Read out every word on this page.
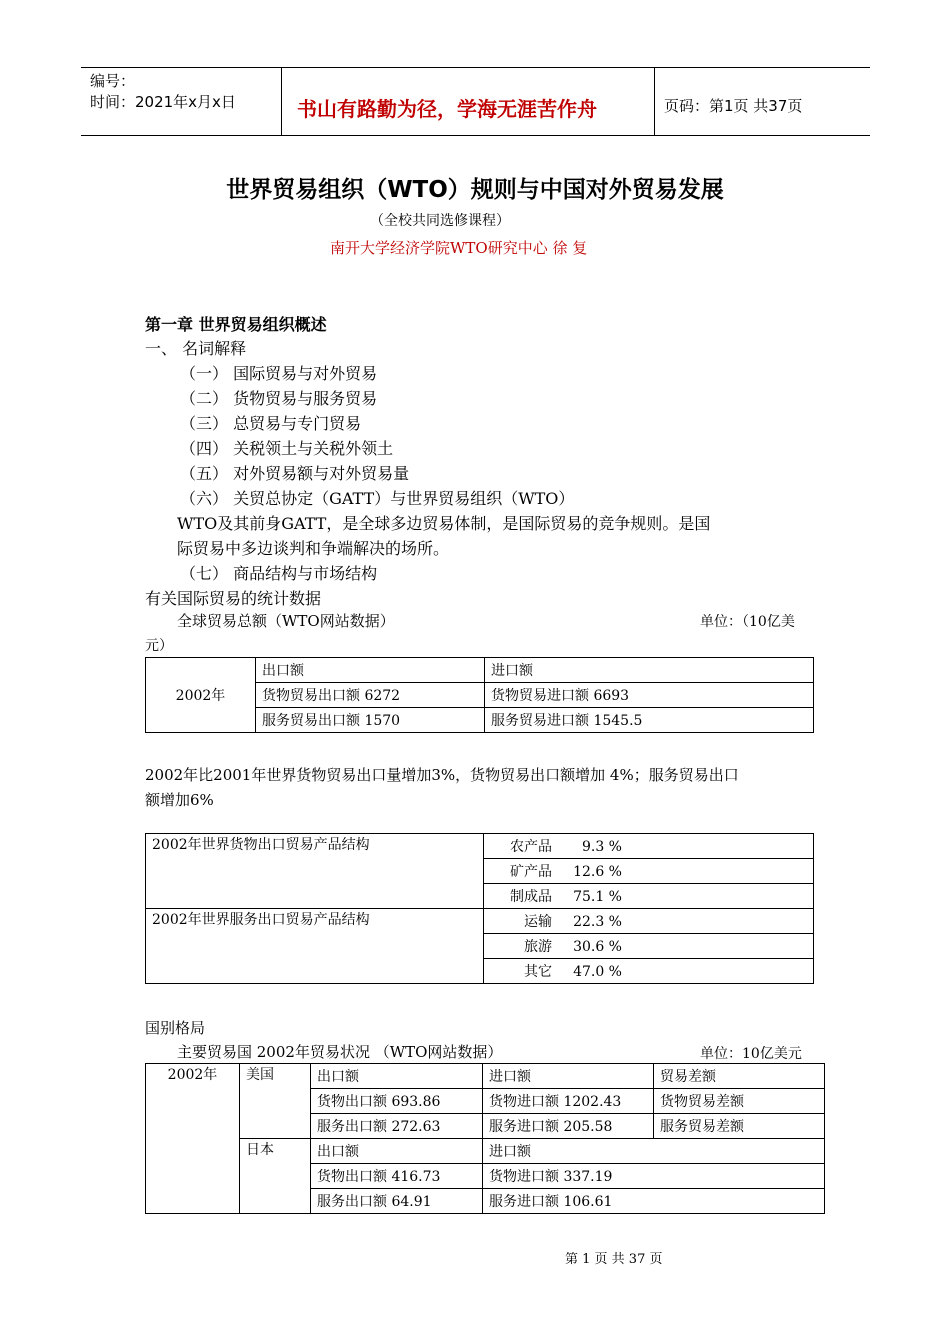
编号：
时间：2021年x月x日	书山有路勤为径，学海无涯苦作舟	页码：第1页 共37页
世界贸易组织（WTO）规则与中国对外贸易发展
（全校共同选修课程）
南开大学经济学院WTO研究中心 徐 复
第一章 世界贸易组织概述
一、 名词解释
（一） 国际贸易与对外贸易
（二） 货物贸易与服务贸易
（三） 总贸易与专门贸易
（四） 关税领土与关税外领土
（五） 对外贸易额与对外贸易量
（六） 关贸总协定（GATT）与世界贸易组织（WTO）
WTO及其前身GATT，是全球多边贸易体制，是国际贸易的竞争规则。是国
际贸易中多边谈判和争端解决的场所。
（七） 商品结构与市场结构
有关国际贸易的统计数据
全球贸易总额（WTO网站数据）	单位：（10亿美
元）
2002年	出口额	进口额
	货物贸易出口额 6272	货物贸易进口额 6693
	服务贸易出口额 1570	服务贸易进口额 1545.5
2002年比2001年世界货物贸易出口量增加3%，货物贸易出口额增加 4%；服务贸易出口
额增加6%
2002年世界货物出口贸易产品结构	农产品 9.3 %
	矿产品 12.6 %
	制成品 75.1 %
2002年世界服务出口贸易产品结构	运输 22.3 %
	旅游 30.6 %
	其它 47.0 %
国别格局
主要贸易国 2002年贸易状况 （WTO网站数据）	单位：10亿美元
2002年	美国	出口额	进口额	贸易差额
		货物出口额 693.86	货物进口额 1202.43	货物贸易差额
		服务出口额 272.63	服务进口额 205.58	服务贸易差额
	日本	出口额	进口额	
		货物出口额 416.73	货物进口额 337.19	
		服务出口额 64.91	服务进口额 106.61	
第 1 页 共 37 页
